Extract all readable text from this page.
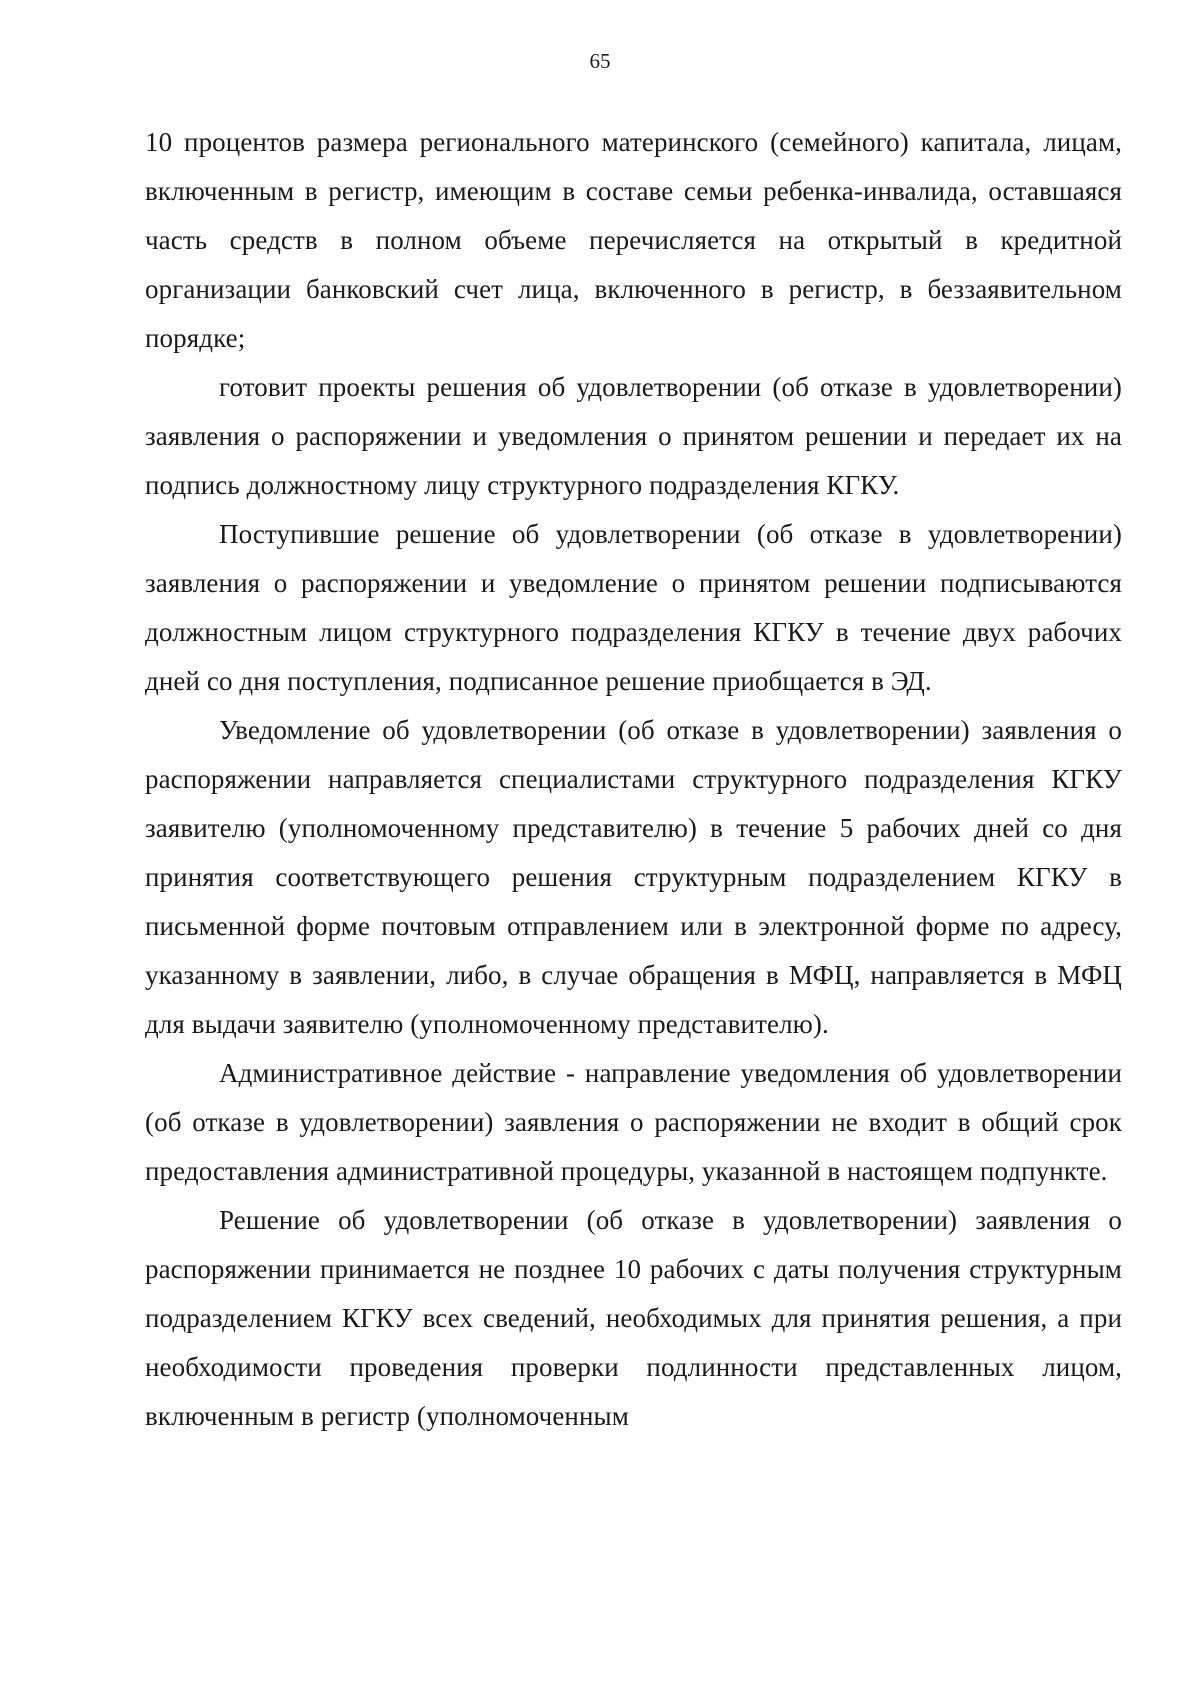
65

10 процентов размера регионального материнского (семейного) капитала, лицам, включенным в регистр, имеющим в составе семьи ребенка-инвалида, оставшаяся часть средств в полном объеме перечисляется на открытый в кредитной организации банковский счет лица, включенного в регистр, в беззаявительном порядке;

готовит проекты решения об удовлетворении (об отказе в удовлетворении) заявления о распоряжении и уведомления о принятом решении и передает их на подпись должностному лицу структурного подразделения КГКУ.

Поступившие решение об удовлетворении (об отказе в удовлетворении) заявления о распоряжении и уведомление о принятом решении подписываются должностным лицом структурного подразделения КГКУ в течение двух рабочих дней со дня поступления, подписанное решение приобщается в ЭД.

Уведомление об удовлетворении (об отказе в удовлетворении) заявления о распоряжении направляется специалистами структурного подразделения КГКУ заявителю (уполномоченному представителю) в течение 5 рабочих дней со дня принятия соответствующего решения структурным подразделением КГКУ в письменной форме почтовым отправлением или в электронной форме по адресу, указанному в заявлении, либо, в случае обращения в МФЦ, направляется в МФЦ для выдачи заявителю (уполномоченному представителю).

Административное действие - направление уведомления об удовлетворении (об отказе в удовлетворении) заявления о распоряжении не входит в общий срок предоставления административной процедуры, указанной в настоящем подпункте.

Решение об удовлетворении (об отказе в удовлетворении) заявления о распоряжении принимается не позднее 10 рабочих с даты получения структурным подразделением КГКУ всех сведений, необходимых для принятия решения, а при необходимости проведения проверки подлинности представленных лицом, включенным в регистр (уполномоченным
